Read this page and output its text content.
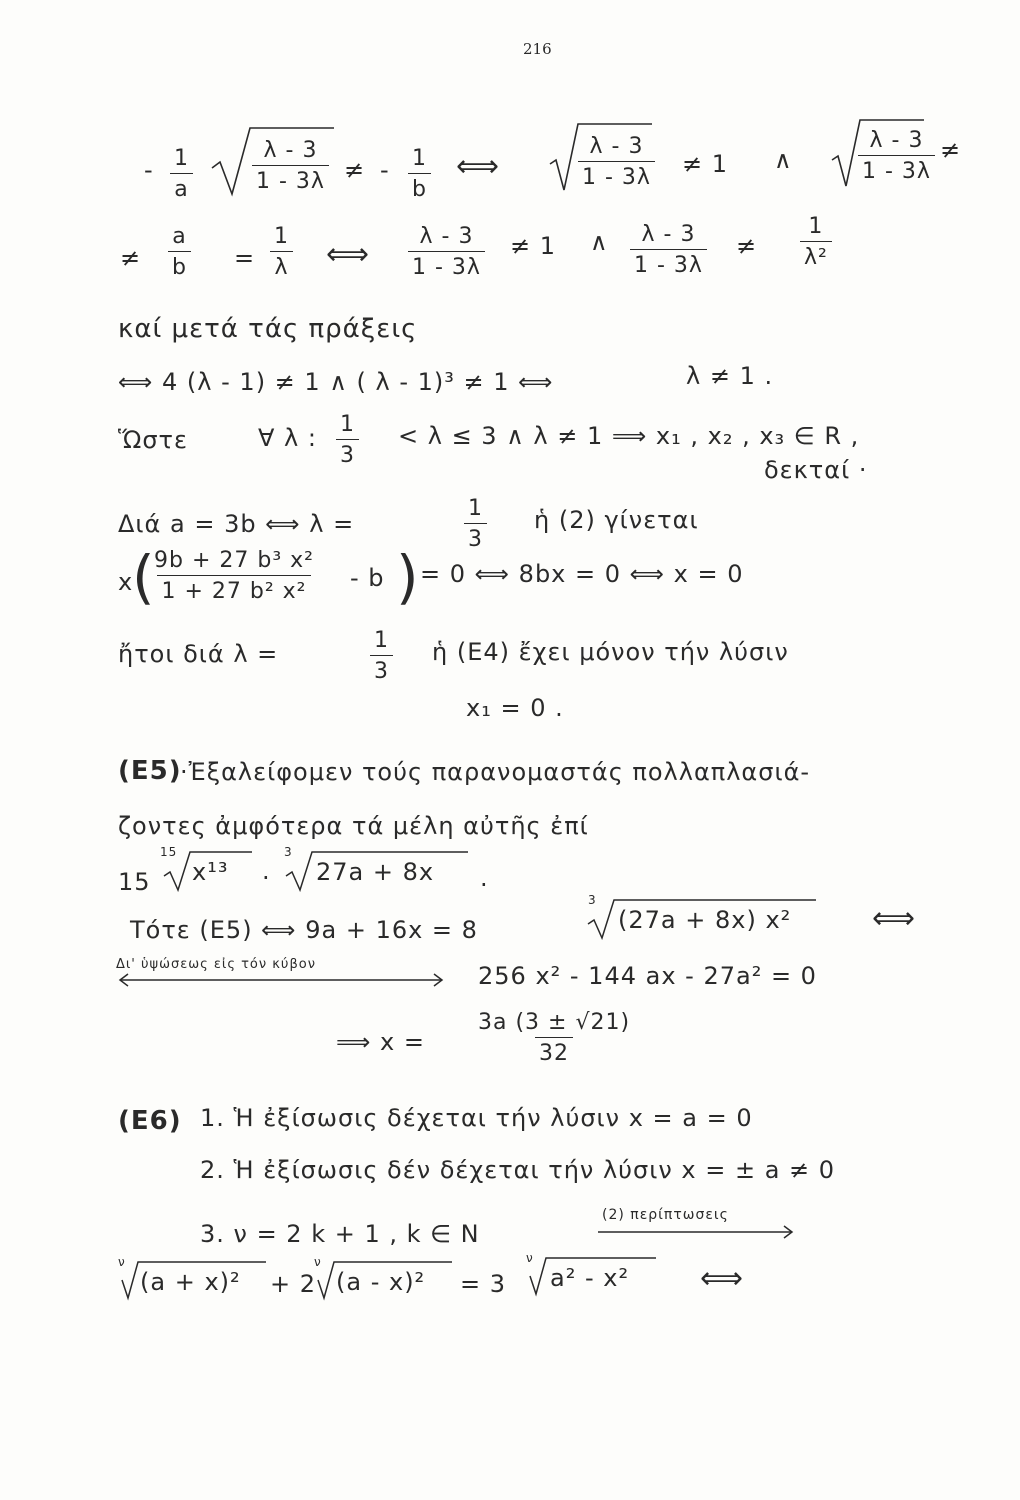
216
- $\frac{1}{a}$	$\frac{\lambda - 3}{1 - 3\lambda}$ ≠ - $\frac{1}{b}$ ⟺	$\frac{\lambda - 3}{1 - 3\lambda} \ne 1$ ∧	$\frac{\lambda - 3}{1 - 3\lambda}$ ≠
≠ $\frac{a}{b} = \frac{1}{\lambda}$ ⟺ $\frac{\lambda - 3}{1 - 3\lambda} \ne 1$ ∧ $\frac{\lambda - 3}{1 - 3\lambda} \ne \frac{1}{\text{λ²}}$
καί μετά τάς πράξεις
⟺ 4 (λ - 1) ≠ 1 ∧ ( λ - 1)³ ≠ 1 ⟺	λ ≠ 1 .
Ὥστε	∀ λ : $\frac{1}{3} < \lambda \le 3$ ∧ λ ≠ 1 ⟹ x₁ , x₂ , x₃ ∈ R ,
δεκταί ·
Διά a = 3b ⟺ λ =	$\frac{1}{3}$ ἡ (2) γίνεται
x
(
$\frac{\text{9b + 27 b³ x²}}{\text{1 + 27 b² x²}}$ - b ) = 0 ⟺ 8bx = 0 ⟺ x = 0
ἤτοι διά λ =	$\frac{1}{3}$ ἡ (E4) ἔχει μόνον τήν λύσιν
x₁ = 0 .
(E5)
·Ἐξαλείφομεν τούς παρανομαστάς πολλαπλασιά-
ζοντες ἀμφότερα τά μέλη αὐτῆς ἐπί
15
15
x¹³ ·
3
27a + 8x .
Τότε (E5) ⟺ 9a + 16x = 8
3
(27a + 8x) x²	⟺
Δι' ὑψώσεως εἰς τόν κύβον	256 x² - 144 ax - 27a² = 0
⟹ $x = \frac{3a (3 \pm √21)}{32}$
(E6) 1. Ἡ ἐξίσωσις δέχεται τήν λύσιν x = a = 0
2. Ἡ ἐξίσωσις δέν δέχεται τήν λύσιν x = ± a ≠ 0
3. ν = 2 k + 1 , k ∈ N
(2) περίπτωσεις
ν
(a + x)² + 2
ν
(a - x)² = 3
ν
a² - x² ⟺
